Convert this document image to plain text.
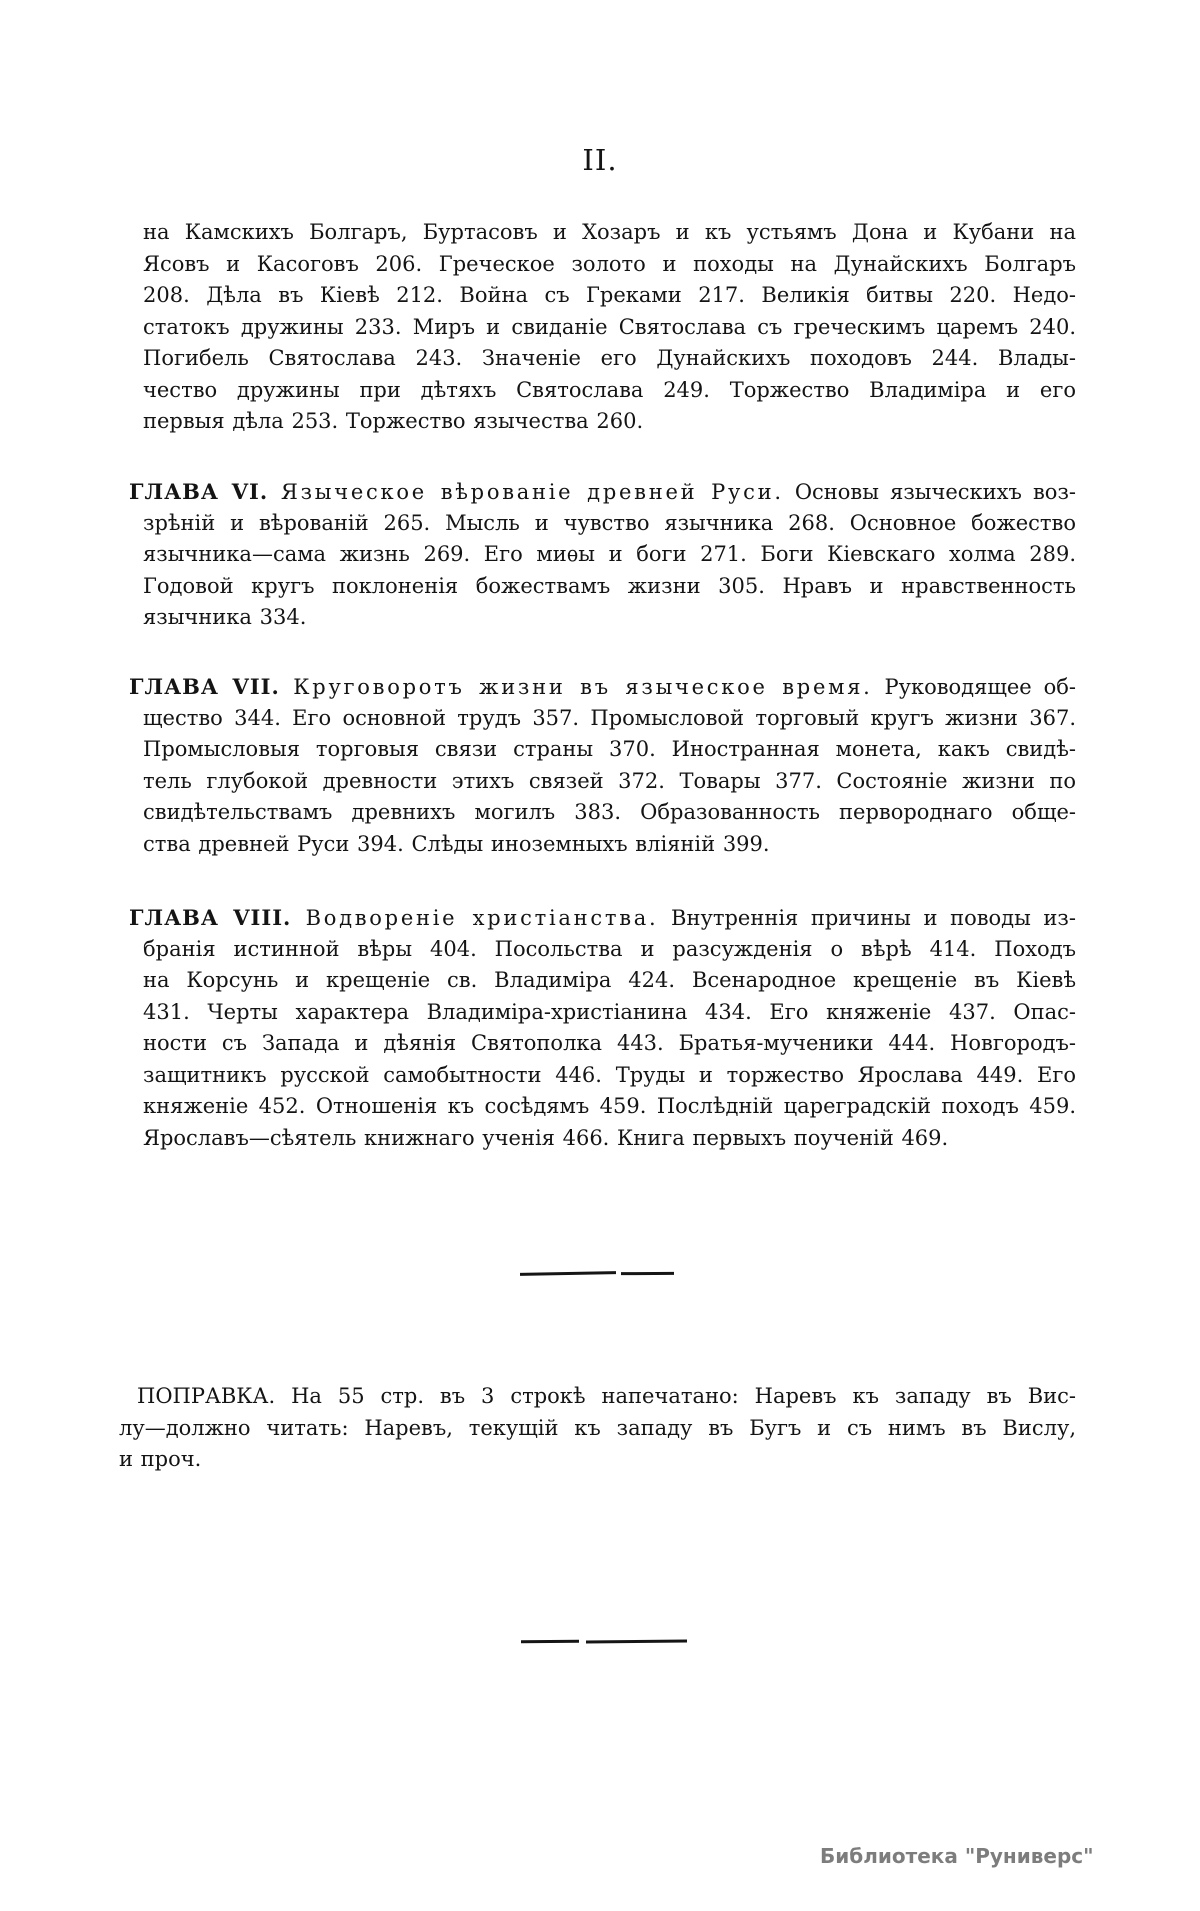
II.
на Камскихъ Болгаръ, Буртасовъ и Хозаръ и къ устьямъ Дона и Кубани на
Ясовъ и Касоговъ 206. Греческое золото и походы на Дунайскихъ Болгаръ
208. Дѣла въ Кіевѣ 212. Война съ Греками 217. Великія битвы 220. Недо-
статокъ дружины 233. Миръ и свиданіе Святослава съ греческимъ царемъ 240.
Погибель Святослава 243. Значеніе его Дунайскихъ походовъ 244. Влады-
чество дружины при дѣтяхъ Святослава 249. Торжество Владиміра и его
первыя дѣла 253. Торжество язычества 260.
ГЛАВА VI. Языческое вѣрованіе древней Руси. Основы языческихъ воз-
зрѣній и вѣрованій 265. Мысль и чувство язычника 268. Основное божество
язычника—сама жизнь 269. Его миѳы и боги 271. Боги Кіевскаго холма 289.
Годовой кругъ поклоненія божествамъ жизни 305. Нравъ и нравственность
язычника 334.
ГЛАВА VII. Круговоротъ жизни въ языческое время. Руководящее об-
щество 344. Его основной трудъ 357. Промысловой торговый кругъ жизни 367.
Промысловыя торговыя связи страны 370. Иностранная монета, какъ свидѣ-
тель глубокой древности этихъ связей 372. Товары 377. Состояніе жизни по
свидѣтельствамъ древнихъ могилъ 383. Образованность первороднаго обще-
ства древней Руси 394. Слѣды иноземныхъ вліяній 399.
ГЛАВА VIII. Водвореніе христіанства. Внутреннія причины и поводы из-
бранія истинной вѣры 404. Посольства и разсужденія о вѣрѣ 414. Походъ
на Корсунь и крещеніе св. Владиміра 424. Всенародное крещеніе въ Кіевѣ
431. Черты характера Владиміра-христіанина 434. Его княженіе 437. Опас-
ности съ Запада и дѣянія Святополка 443. Братья-мученики 444. Новгородъ-
защитникъ русской самобытности 446. Труды и торжество Ярослава 449. Его
княженіе 452. Отношенія къ сосѣдямъ 459. Послѣдній цареградскій походъ 459.
Ярославъ—сѣятель книжнаго ученія 466. Книга первыхъ поученій 469.
ПОПРАВКА. На 55 стр. въ 3 строкѣ напечатано: Наревъ къ западу въ Вис-
лу—должно читать: Наревъ, текущій къ западу въ Бугъ и съ нимъ въ Вислу,
и проч.
Библиотека "Руниверс"
